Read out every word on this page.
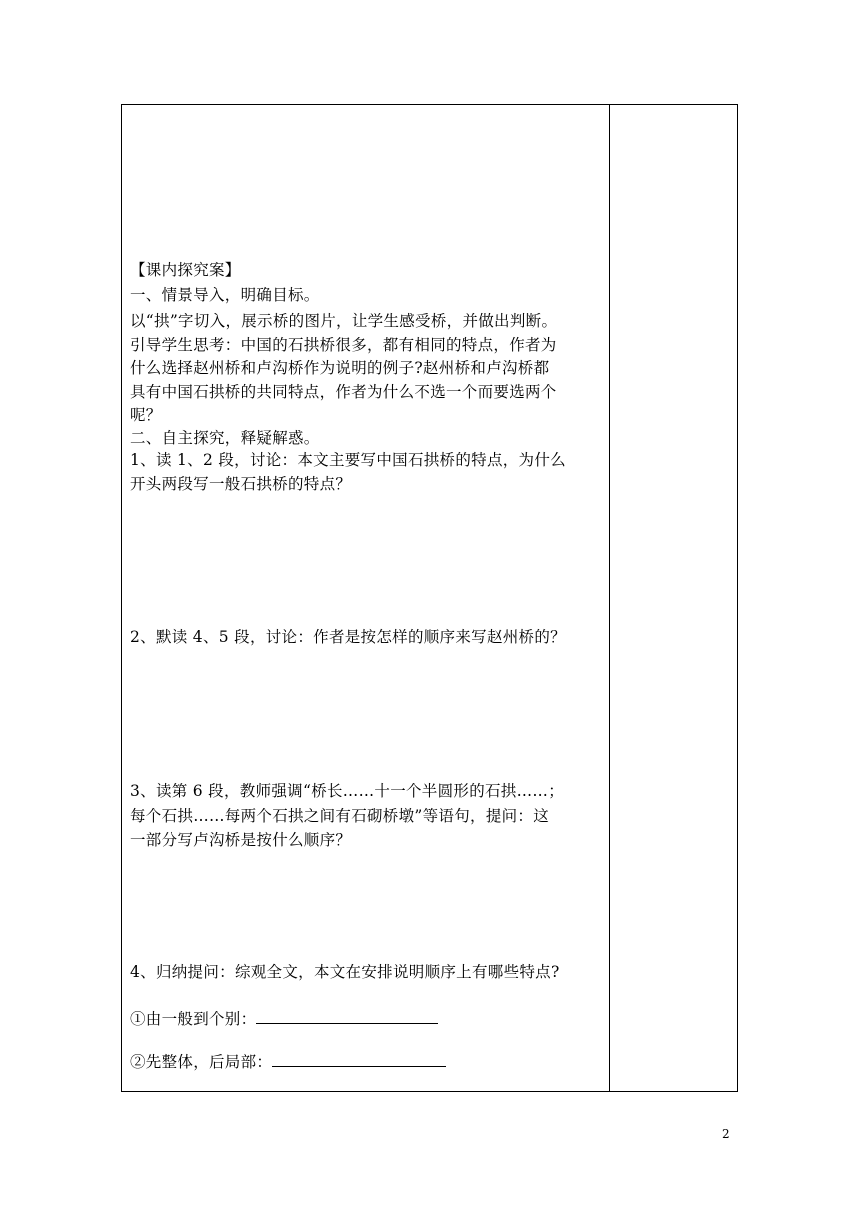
【课内探究案】
一、情景导入，明确目标。
以“拱”字切入，展示桥的图片，让学生感受桥，并做出判断。
引导学生思考：中国的石拱桥很多，都有相同的特点，作者为
什么选择赵州桥和卢沟桥作为说明的例子?赵州桥和卢沟桥都
具有中国石拱桥的共同特点，作者为什么不选一个而要选两个
呢？
二、自主探究，释疑解惑。
1、读 1、2 段，讨论：本文主要写中国石拱桥的特点，为什么
开头两段写一般石拱桥的特点？
2、默读 4、5 段，讨论：作者是按怎样的顺序来写赵州桥的？
3、读第 6 段，教师强调“桥长……十一个半圆形的石拱……；
每个石拱……每两个石拱之间有石砌桥墩”等语句，提问：这
一部分写卢沟桥是按什么顺序？
4、归纳提问：综观全文，本文在安排说明顺序上有哪些特点?
①由一般到个别：
②先整体，后局部：
2
